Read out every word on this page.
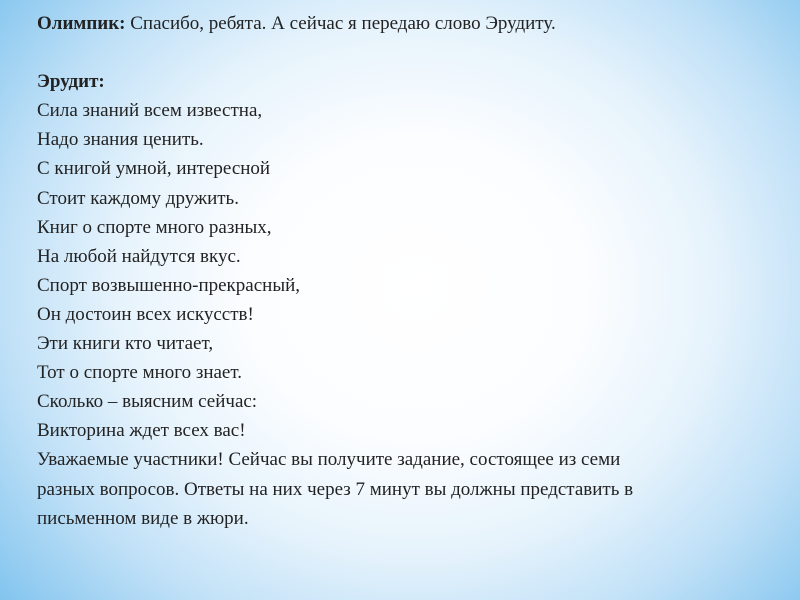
Олимпик: Спасибо, ребята. А сейчас я передаю слово Эрудиту.
Эрудит:
Сила знаний всем известна,
Надо знания ценить.
С книгой умной, интересной
Стоит каждому дружить.
Книг о спорте много разных,
На любой найдутся вкус.
Спорт возвышенно-прекрасный,
Он достоин всех искусств!
Эти книги кто читает,
Тот о спорте много знает.
Сколько – выясним сейчас:
Викторина ждет всех вас!
Уважаемые участники! Сейчас вы получите задание, состоящее из семи
разных вопросов. Ответы на них через 7 минут вы должны представить в
письменном виде в жюри.
